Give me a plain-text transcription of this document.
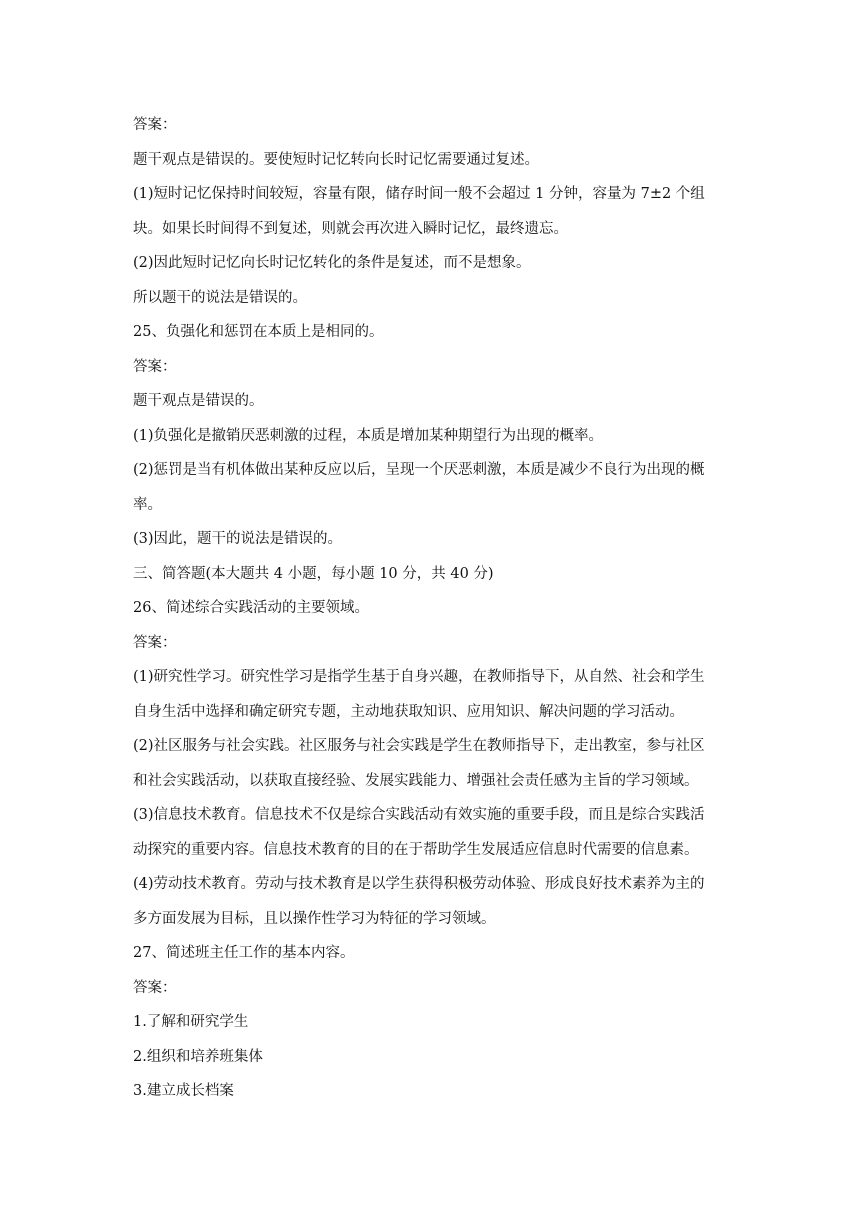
答案：
题干观点是错误的。要使短时记忆转向长时记忆需要通过复述。
(1)短时记忆保持时间较短，容量有限，储存时间一般不会超过 1 分钟，容量为 7±2 个组
块。如果长时间得不到复述，则就会再次进入瞬时记忆，最终遗忘。
(2)因此短时记忆向长时记忆转化的条件是复述，而不是想象。
所以题干的说法是错误的。
25、负强化和惩罚在本质上是相同的。
答案：
题干观点是错误的。
(1)负强化是撤销厌恶刺激的过程，本质是增加某种期望行为出现的概率。
(2)惩罚是当有机体做出某种反应以后，呈现一个厌恶刺激，本质是减少不良行为出现的概
率。
(3)因此，题干的说法是错误的。
三、简答题(本大题共 4 小题，每小题 10 分，共 40 分)
26、简述综合实践活动的主要领域。
答案：
(1)研究性学习。研究性学习是指学生基于自身兴趣，在教师指导下，从自然、社会和学生
自身生活中选择和确定研究专题，主动地获取知识、应用知识、解决问题的学习活动。
(2)社区服务与社会实践。社区服务与社会实践是学生在教师指导下，走出教室，参与社区
和社会实践活动，以获取直接经验、发展实践能力、增强社会责任感为主旨的学习领域。
(3)信息技术教育。信息技术不仅是综合实践活动有效实施的重要手段，而且是综合实践活
动探究的重要内容。信息技术教育的目的在于帮助学生发展适应信息时代需要的信息素。
(4)劳动技术教育。劳动与技术教育是以学生获得积极劳动体验、形成良好技术素养为主的
多方面发展为目标，且以操作性学习为特征的学习领域。
27、简述班主任工作的基本内容。
答案：
1.了解和研究学生
2.组织和培养班集体
3.建立成长档案
